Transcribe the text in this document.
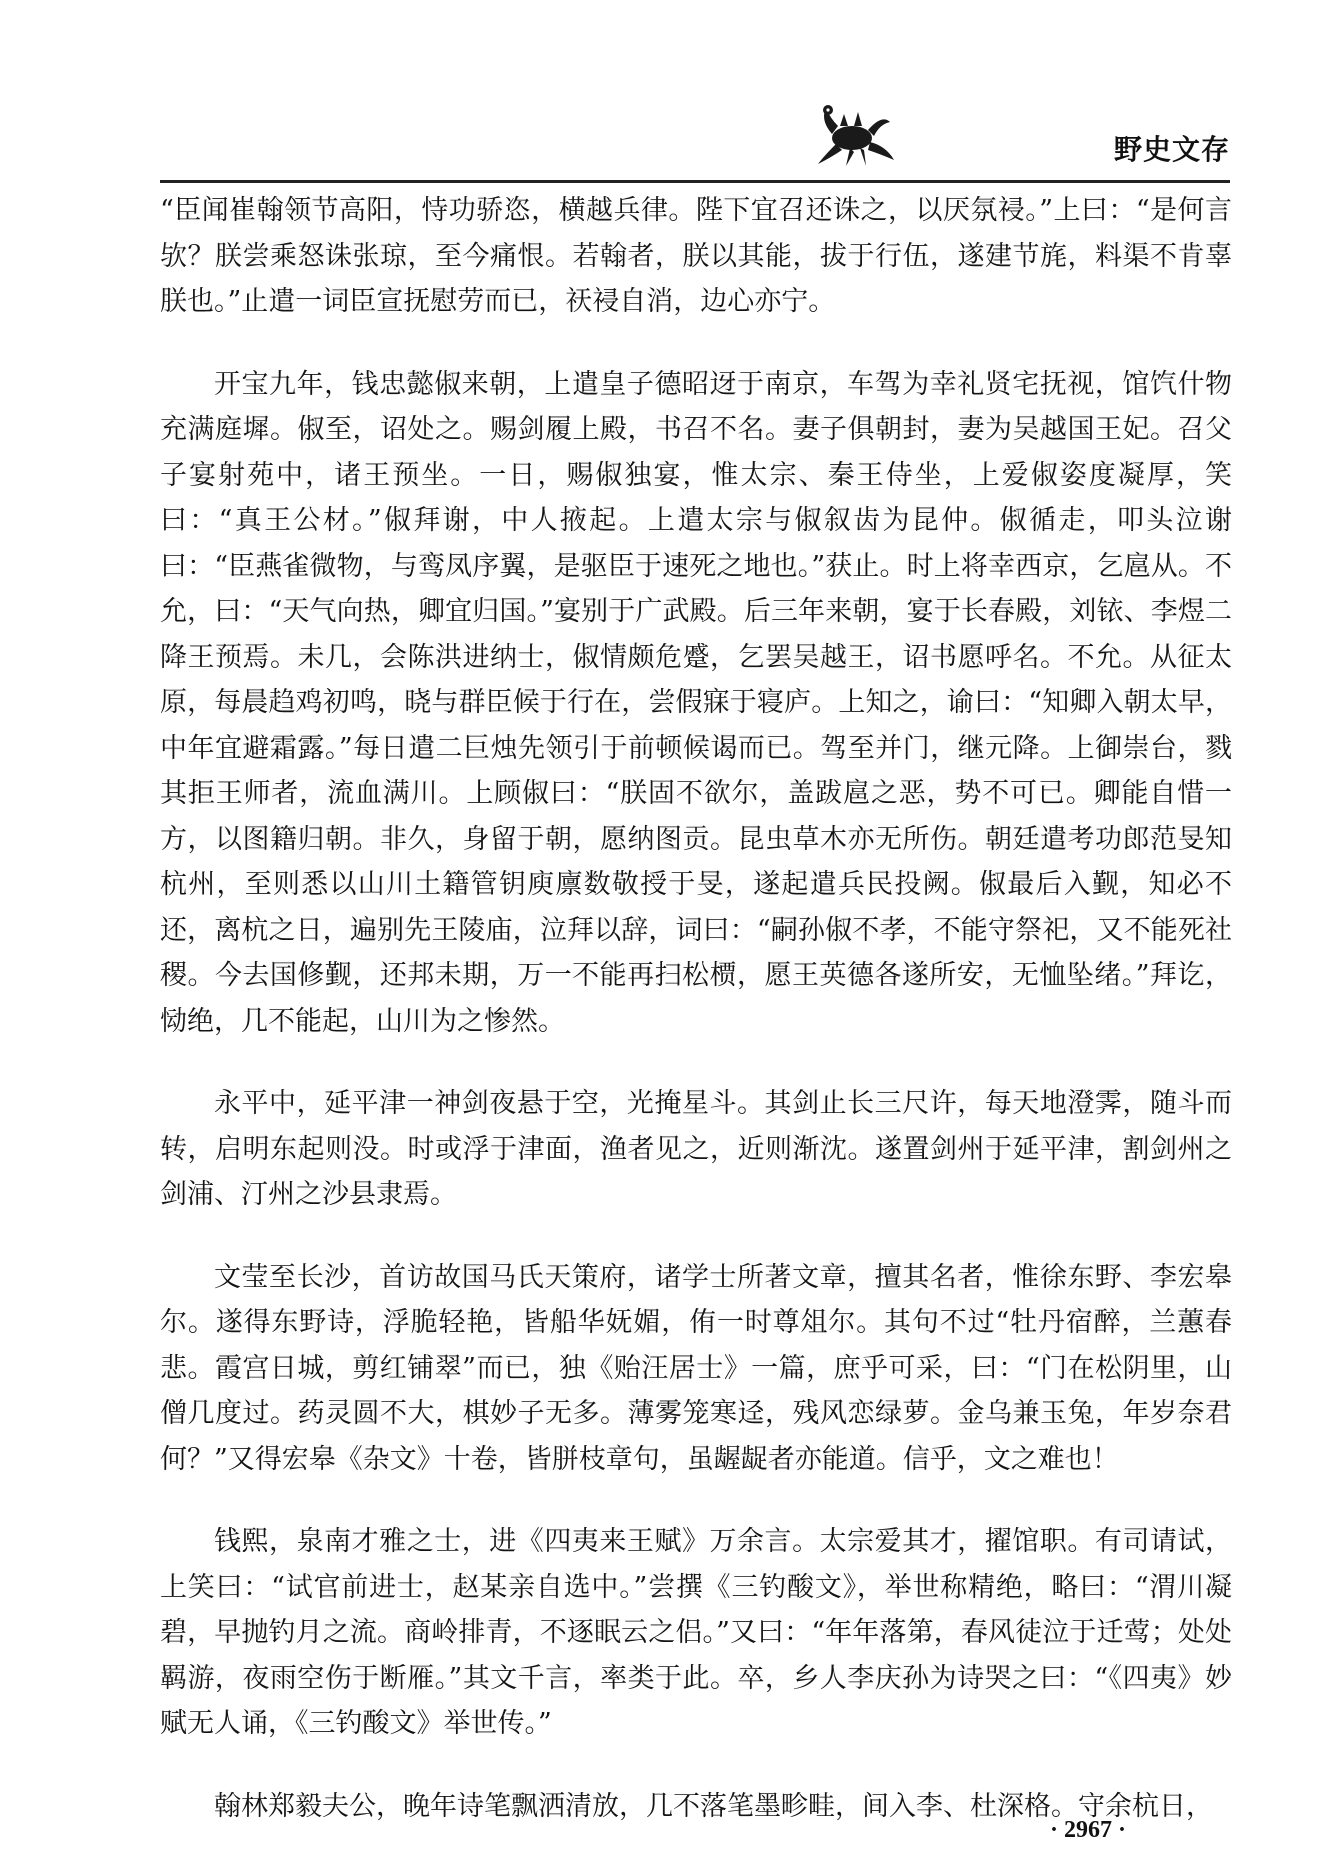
野史文存

“臣闻崔翰领节高阳，恃功骄恣，横越兵律。陛下宜召还诛之，以厌氛祲。”上曰：“是何言欤？朕尝乘怒诛张琼，至今痛恨。若翰者，朕以其能，拔于行伍，遂建节旄，料渠不肯辜朕也。”止遣一词臣宣抚慰劳而已，祆祲自消，边心亦宁。

开宝九年，钱忠懿俶来朝，上遣皇子德昭迓于南京，车驾为幸礼贤宅抚视，馆饩什物充满庭墀。俶至，诏处之。赐剑履上殿，书召不名。妻子俱朝封，妻为吴越国王妃。召父子宴射苑中，诸王预坐。一日，赐俶独宴，惟太宗、秦王侍坐，上爱俶姿度凝厚，笑曰：“真王公材。”俶拜谢，中人掖起。上遣太宗与俶叙齿为昆仲。俶循走，叩头泣谢曰：“臣燕雀微物，与鸾凤序翼，是驱臣于速死之地也。”获止。时上将幸西京，乞扈从。不允，曰：“天气向热，卿宜归国。”宴别于广武殿。后三年来朝，宴于长春殿，刘铱、李煜二降王预焉。未几，会陈洪进纳士，俶情颇危蹙，乞罢吴越王，诏书愿呼名。不允。从征太原，每晨趋鸡初鸣，晓与群臣候于行在，尝假寐于寝庐。上知之，谕曰：“知卿入朝太早，中年宜避霜露。”每日遣二巨烛先领引于前顿候谒而已。驾至并门，继元降。上御崇台，戮其拒王师者，流血满川。上顾俶曰：“朕固不欲尔，盖跋扈之恶，势不可已。卿能自惜一方，以图籍归朝。非久，身留于朝，愿纳图贡。昆虫草木亦无所伤。朝廷遣考功郎范旻知杭州，至则悉以山川土籍管钥庾廪数敬授于旻，遂起遣兵民投阙。俶最后入觐，知必不还，离杭之日，遍别先王陵庙，泣拜以辞，词曰：“嗣孙俶不孝，不能守祭祀，又不能死社稷。今去国修觐，还邦未期，万一不能再扫松槚，愿王英德各遂所安，无恤坠绪。”拜讫，恸绝，几不能起，山川为之惨然。

永平中，延平津一神剑夜悬于空，光掩星斗。其剑止长三尺许，每天地澄霁，随斗而转，启明东起则没。时或浮于津面，渔者见之，近则渐沈。遂置剑州于延平津，割剑州之剑浦、汀州之沙县隶焉。

文莹至长沙，首访故国马氏天策府，诸学士所著文章，擅其名者，惟徐东野、李宏皋尔。遂得东野诗，浮脆轻艳，皆船华妩媚，侑一时尊俎尔。其句不过“牡丹宿醉，兰蕙春悲。霞宫日城，剪红铺翠”而已，独《贻汪居士》一篇，庶乎可采，曰：“门在松阴里，山僧几度过。药灵圆不大，棋妙子无多。薄雾笼寒迳，残风恋绿萝。金乌兼玉兔，年岁奈君何？”又得宏皋《杂文》十卷，皆胼枝章句，虽龌龊者亦能道。信乎，文之难也！

钱熙，泉南才雅之士，进《四夷来王赋》万余言。太宗爱其才，擢馆职。有司请试，上笑曰：“试官前进士，赵某亲自选中。”尝撰《三钓酸文》，举世称精绝，略曰：“渭川凝碧，早抛钓月之流。商岭排青，不逐眠云之侣。”又曰：“年年落第，春风徒泣于迁莺；处处羁游，夜雨空伤于断雁。”其文千言，率类于此。卒，乡人李庆孙为诗哭之曰：“《四夷》妙赋无人诵，《三钓酸文》举世传。”

翰林郑毅夫公，晚年诗笔飘洒清放，几不落笔墨畛畦，间入李、杜深格。守余杭日，

· 2967 ·
